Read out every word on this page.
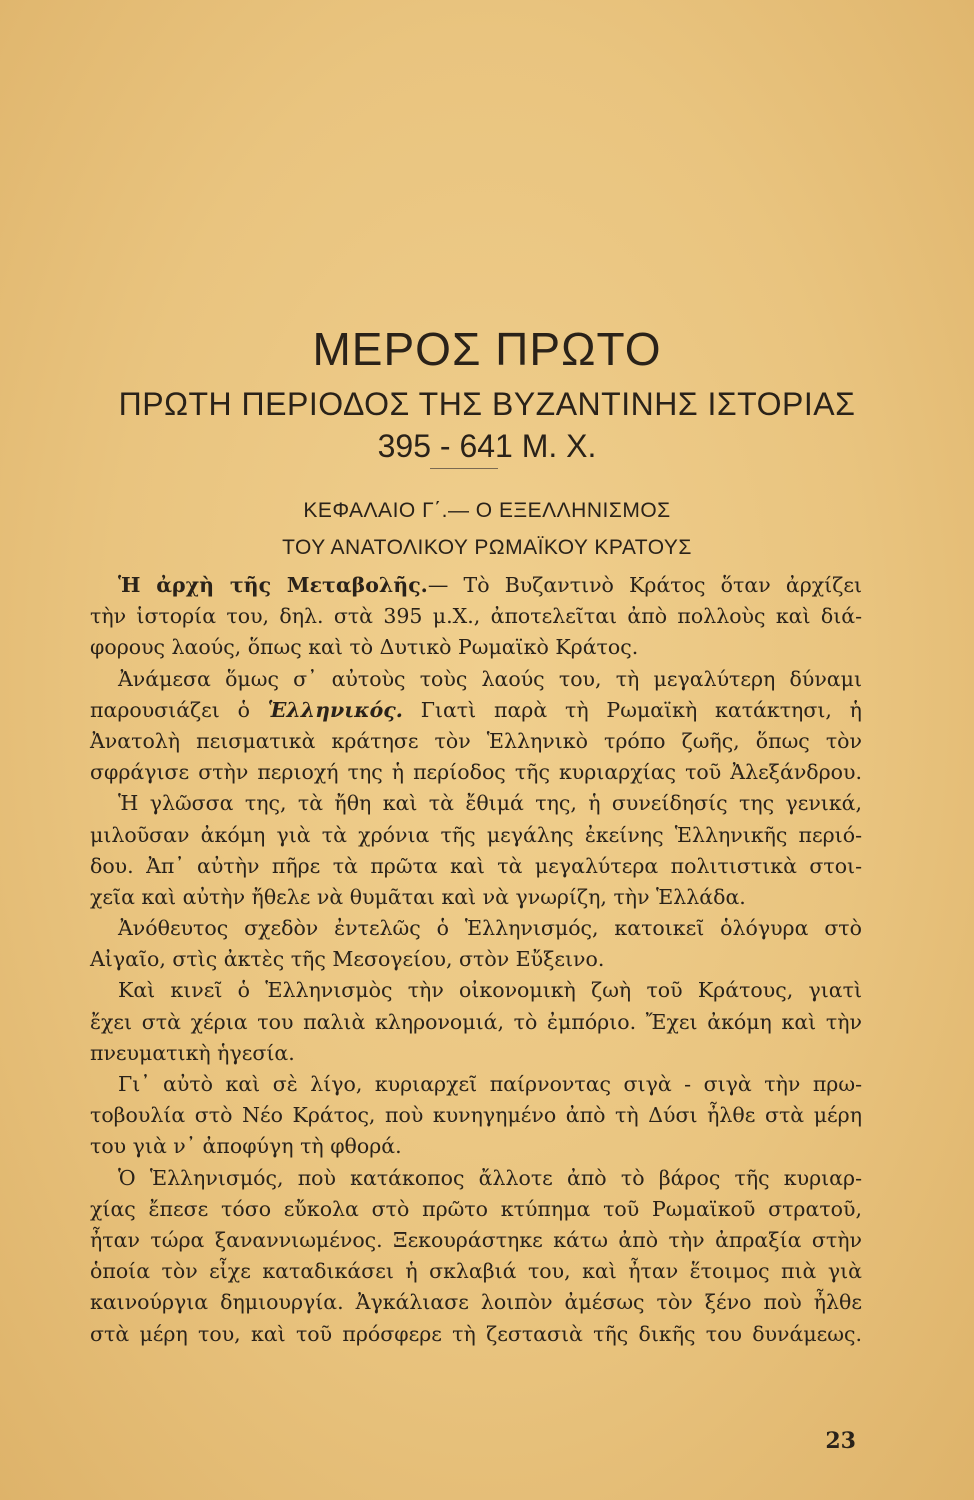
ΜΕΡΟΣ ΠΡΩΤΟ
ΠΡΩΤΗ ΠΕΡΙΟΔΟΣ ΤΗΣ ΒΥΖΑΝΤΙΝΗΣ ΙΣΤΟΡΙΑΣ
395 - 641 Μ. Χ.
ΚΕΦΑΛΑΙΟ Γ΄.— Ο ΕΞΕΛΛΗΝΙΣΜΟΣ
ΤΟΥ ΑΝΑΤΟΛΙΚΟΥ ΡΩΜΑΪΚΟΥ ΚΡΑΤΟΥΣ
Ἡ ἀρχὴ τῆς Μεταβολῆς.— Τὸ Βυζαντινὸ Κράτος ὅταν ἀρχίζει
τὴν ἱστορία του, δηλ. στὰ 395 μ.Χ., ἀποτελεῖται ἀπὸ πολλοὺς καὶ διά-
φορους λαούς, ὅπως καὶ τὸ Δυτικὸ Ρωμαϊκὸ Κράτος.
Ἀνάμεσα ὅμως σ᾿ αὐτοὺς τοὺς λαούς του, τὴ μεγαλύτερη δύναμι
παρουσιάζει ὁ Ἑλληνικός. Γιατὶ παρὰ τὴ Ρωμαϊκὴ κατάκτησι, ἡ
Ἀνατολὴ πεισματικὰ κράτησε τὸν Ἑλληνικὸ τρόπο ζωῆς, ὅπως τὸν
σφράγισε στὴν περιοχή της ἡ περίοδος τῆς κυριαρχίας τοῦ Ἀλεξάνδρου.
Ἡ γλῶσσα της, τὰ ἤθη καὶ τὰ ἔθιμά της, ἡ συνείδησίς της γενικά,
μιλοῦσαν ἀκόμη γιὰ τὰ χρόνια τῆς μεγάλης ἐκείνης Ἑλληνικῆς περιό-
δου. Ἀπ᾿ αὐτὴν πῆρε τὰ πρῶτα καὶ τὰ μεγαλύτερα πολιτιστικὰ στοι-
χεῖα καὶ αὐτὴν ἤθελε νὰ θυμᾶται καὶ νὰ γνωρίζη, τὴν Ἑλλάδα.
Ἀνόθευτος σχεδὸν ἐντελῶς ὁ Ἑλληνισμός, κατοικεῖ ὁλόγυρα στὸ
Αἰγαῖο, στὶς ἀκτὲς τῆς Μεσογείου, στὸν Εὔξεινο.
Καὶ κινεῖ ὁ Ἑλληνισμὸς τὴν οἰκονομικὴ ζωὴ τοῦ Κράτους, γιατὶ
ἔχει στὰ χέρια του παλιὰ κληρονομιά, τὸ ἐμπόριο. Ἔχει ἀκόμη καὶ τὴν
πνευματικὴ ἡγεσία.
Γι᾿ αὐτὸ καὶ σὲ λίγο, κυριαρχεῖ παίρνοντας σιγὰ - σιγὰ τὴν πρω-
τοβουλία στὸ Νέο Κράτος, ποὺ κυνηγημένο ἀπὸ τὴ Δύσι ἦλθε στὰ μέρη
του γιὰ ν᾿ ἀποφύγη τὴ φθορά.
Ὁ Ἑλληνισμός, ποὺ κατάκοπος ἄλλοτε ἀπὸ τὸ βάρος τῆς κυριαρ-
χίας ἔπεσε τόσο εὔκολα στὸ πρῶτο κτύπημα τοῦ Ρωμαϊκοῦ στρατοῦ,
ἦταν τώρα ξαναννιωμένος. Ξεκουράστηκε κάτω ἀπὸ τὴν ἀπραξία στὴν
ὁποία τὸν εἶχε καταδικάσει ἡ σκλαβιά του, καὶ ἦταν ἕτοιμος πιὰ γιὰ
καινούργια δημιουργία. Ἀγκάλιασε λοιπὸν ἀμέσως τὸν ξένο ποὺ ἦλθε
στὰ μέρη του, καὶ τοῦ πρόσφερε τὴ ζεστασιὰ τῆς δικῆς του δυνάμεως.
23
